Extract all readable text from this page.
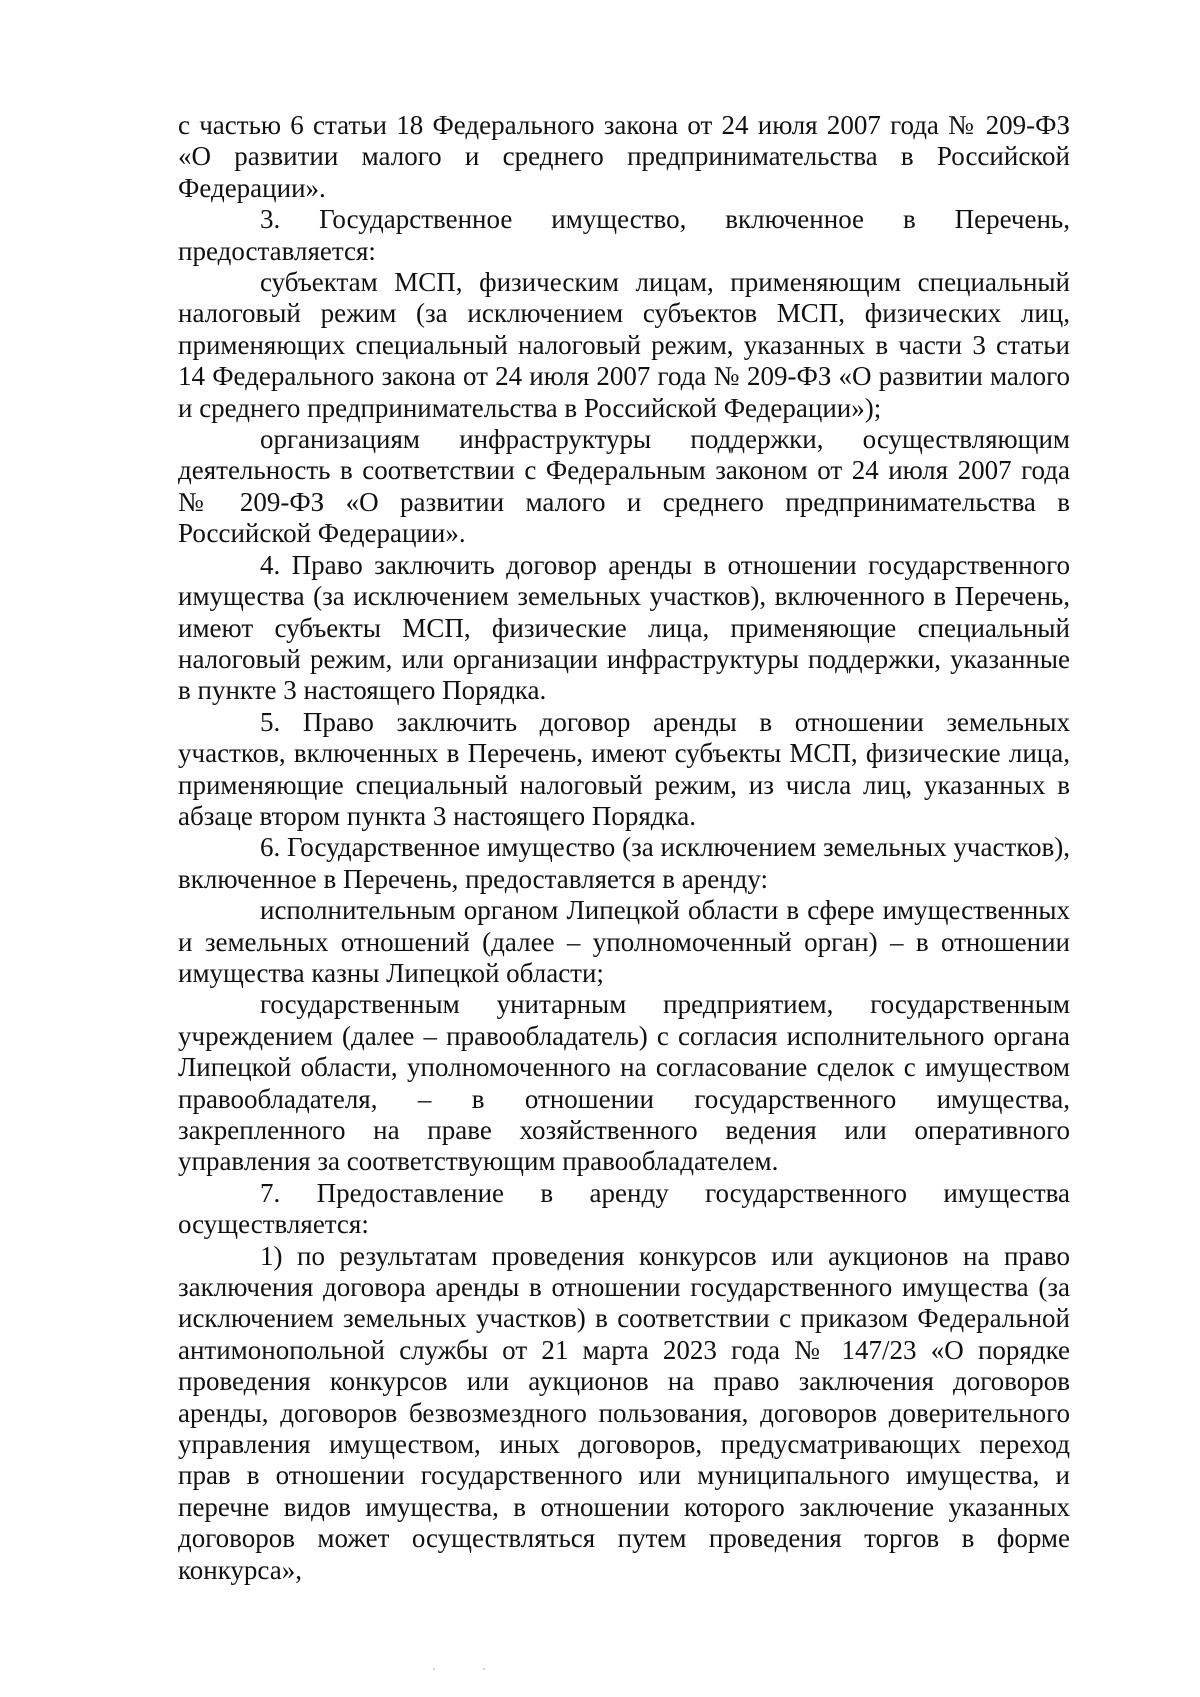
с частью 6 статьи 18 Федерального закона от 24 июля 2007 года № 209-ФЗ «О развитии малого и среднего предпринимательства в Российской Федерации».

3. Государственное имущество, включенное в Перечень, предоставляется:

субъектам МСП, физическим лицам, применяющим специальный налоговый режим (за исключением субъектов МСП, физических лиц, применяющих специальный налоговый режим, указанных в части 3 статьи 14 Федерального закона от 24 июля 2007 года № 209-ФЗ «О развитии малого и среднего предпринимательства в Российской Федерации»);

организациям инфраструктуры поддержки, осуществляющим деятельность в соответствии с Федеральным законом от 24 июля 2007 года № 209-ФЗ «О развитии малого и среднего предпринимательства в Российской Федерации».

4. Право заключить договор аренды в отношении государственного имущества (за исключением земельных участков), включенного в Перечень, имеют субъекты МСП, физические лица, применяющие специальный налоговый режим, или организации инфраструктуры поддержки, указанные в пункте 3 настоящего Порядка.

5. Право заключить договор аренды в отношении земельных участков, включенных в Перечень, имеют субъекты МСП, физические лица, применяющие специальный налоговый режим, из числа лиц, указанных в абзаце втором пункта 3 настоящего Порядка.

6. Государственное имущество (за исключением земельных участков), включенное в Перечень, предоставляется в аренду:

исполнительным органом Липецкой области в сфере имущественных и земельных отношений (далее – уполномоченный орган) – в отношении имущества казны Липецкой области;

государственным унитарным предприятием, государственным учреждением (далее – правообладатель) с согласия исполнительного органа Липецкой области, уполномоченного на согласование сделок с имуществом правообладателя, – в отношении государственного имущества, закрепленного на праве хозяйственного ведения или оперативного управления за соответствующим правообладателем.

7. Предоставление в аренду государственного имущества осуществляется:

1) по результатам проведения конкурсов или аукционов на право заключения договора аренды в отношении государственного имущества (за исключением земельных участков) в соответствии с приказом Федеральной антимонопольной службы от 21 марта 2023 года № 147/23 «О порядке проведения конкурсов или аукционов на право заключения договоров аренды, договоров безвозмездного пользования, договоров доверительного управления имуществом, иных договоров, предусматривающих переход прав в отношении государственного или муниципального имущества, и перечне видов имущества, в отношении которого заключение указанных договоров может осуществляться путем проведения торгов в форме конкурса»,
